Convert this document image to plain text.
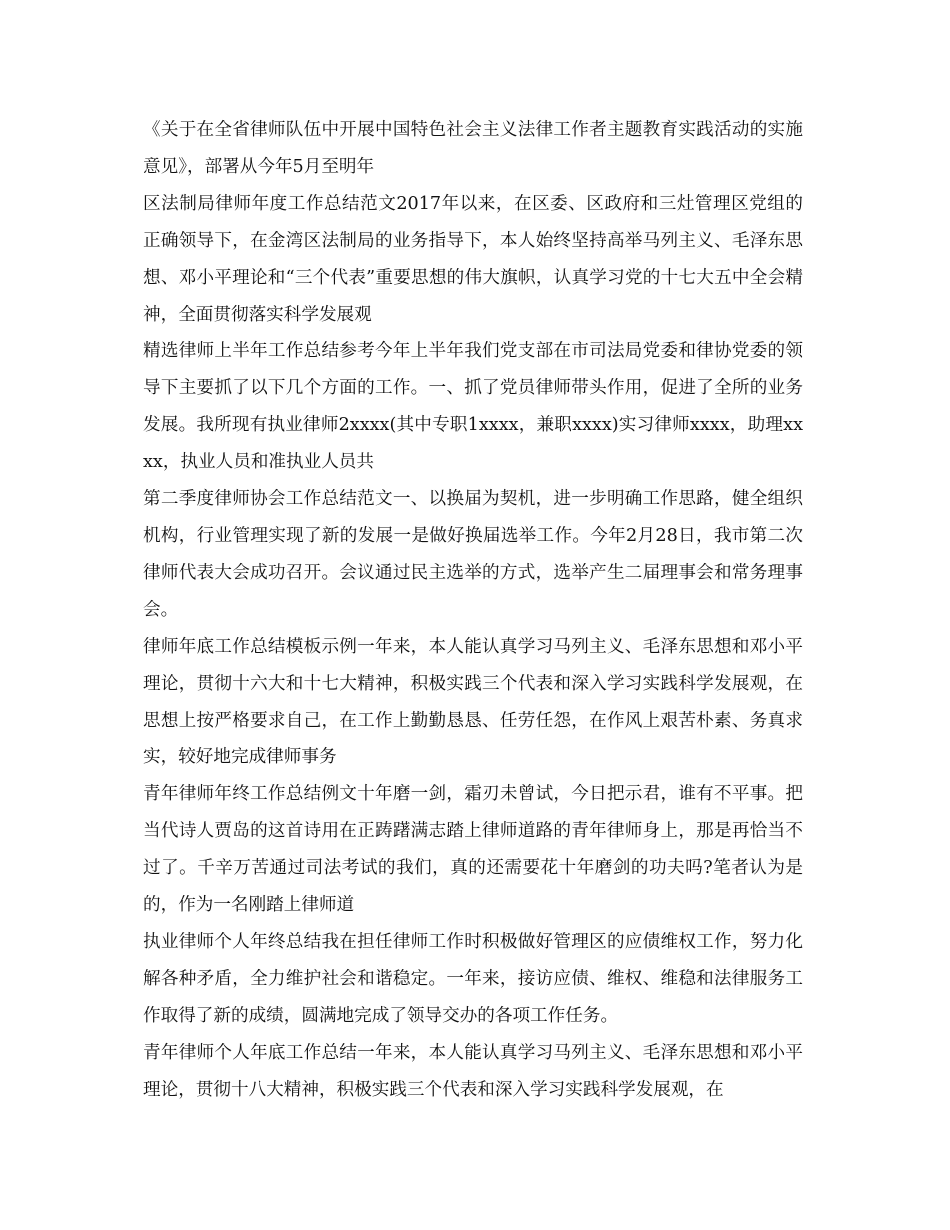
《关于在全省律师队伍中开展中国特色社会主义法律工作者主题教育实践活动的实施意见》，部署从今年5月至明年

区法制局律师年度工作总结范文2017年以来，在区委、区政府和三灶管理区党组的正确领导下，在金湾区法制局的业务指导下，本人始终坚持高举马列主义、毛泽东思想、邓小平理论和“三个代表”重要思想的伟大旗帜，认真学习党的十七大五中全会精神，全面贯彻落实科学发展观

精选律师上半年工作总结参考今年上半年我们党支部在市司法局党委和律协党委的领导下主要抓了以下几个方面的工作。一、抓了党员律师带头作用，促进了全所的业务发展。我所现有执业律师2xxxx(其中专职1xxxx，兼职xxxx)实习律师xxxx，助理xxxx，执业人员和准执业人员共

第二季度律师协会工作总结范文一、以换届为契机，进一步明确工作思路，健全组织机构，行业管理实现了新的发展一是做好换届选举工作。今年2月28日，我市第二次律师代表大会成功召开。会议通过民主选举的方式，选举产生二届理事会和常务理事会。

律师年底工作总结模板示例一年来，本人能认真学习马列主义、毛泽东思想和邓小平理论，贯彻十六大和十七大精神，积极实践三个代表和深入学习实践科学发展观，在思想上按严格要求自己，在工作上勤勤恳恳、任劳任怨，在作风上艰苦朴素、务真求实，较好地完成律师事务

青年律师年终工作总结例文十年磨一剑，霜刃未曾试，今日把示君，谁有不平事。把当代诗人贾岛的这首诗用在正踌躇满志踏上律师道路的青年律师身上，那是再恰当不过了。千辛万苦通过司法考试的我们，真的还需要花十年磨剑的功夫吗?笔者认为是的，作为一名刚踏上律师道

执业律师个人年终总结我在担任律师工作时积极做好管理区的应债维权工作，努力化解各种矛盾，全力维护社会和谐稳定。一年来，接访应债、维权、维稳和法律服务工作取得了新的成绩，圆满地完成了领导交办的各项工作任务。

青年律师个人年底工作总结一年来，本人能认真学习马列主义、毛泽东思想和邓小平理论，贯彻十八大精神，积极实践三个代表和深入学习实践科学发展观，在
